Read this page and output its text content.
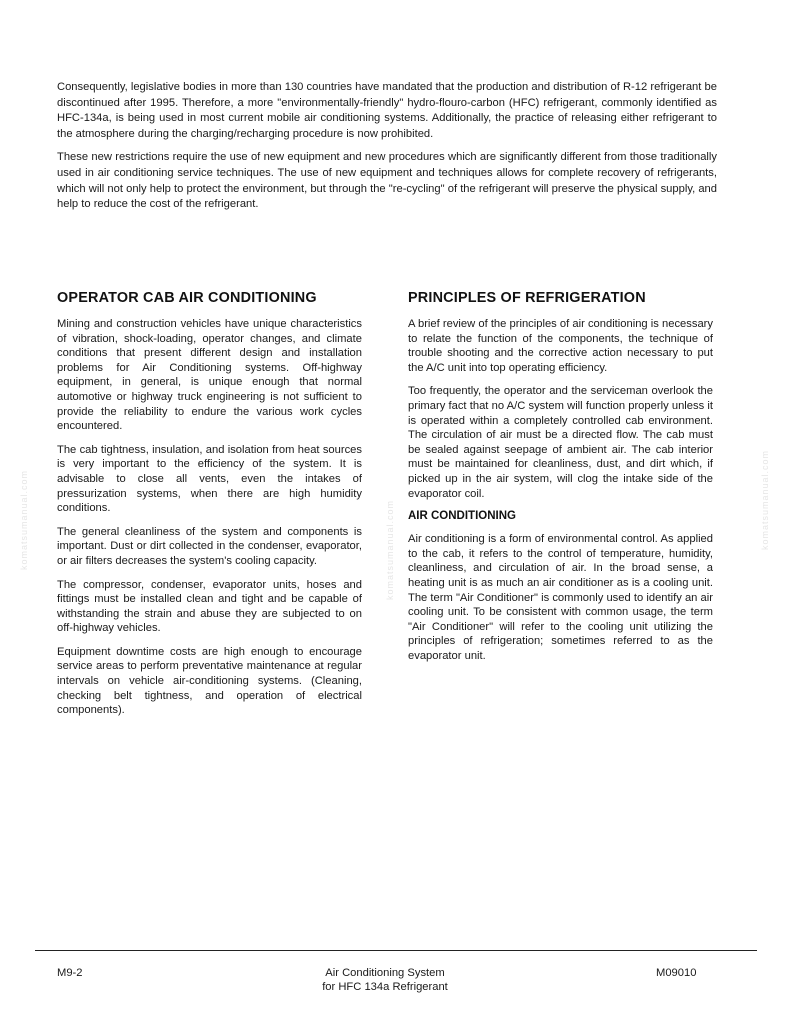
Consequently, legislative bodies in more than 130 countries have mandated that the production and distribution of R-12 refrigerant be discontinued after 1995. Therefore, a more "environmentally-friendly" hydro-flouro-carbon (HFC) refrigerant, commonly identified as HFC-134a, is being used in most current mobile air conditioning systems. Additionally, the practice of releasing either refrigerant to the atmosphere during the charging/recharging procedure is now prohibited.

These new restrictions require the use of new equipment and new procedures which are significantly different from those traditionally used in air conditioning service techniques. The use of new equipment and techniques allows for complete recovery of refrigerants, which will not only help to protect the environment, but through the "re-cycling" of the refrigerant will preserve the physical supply, and help to reduce the cost of the refrigerant.

OPERATOR CAB AIR CONDITIONING

Mining and construction vehicles have unique characteristics of vibration, shock-loading, operator changes, and climate conditions that present different design and installation problems for Air Conditioning systems. Off-highway equipment, in general, is unique enough that normal automotive or highway truck engineering is not sufficient to provide the reliability to endure the various work cycles encountered.

The cab tightness, insulation, and isolation from heat sources is very important to the efficiency of the system. It is advisable to close all vents, even the intakes of pressurization systems, when there are high humidity conditions.

The general cleanliness of the system and components is important. Dust or dirt collected in the condenser, evaporator, or air filters decreases the system's cooling capacity.

The compressor, condenser, evaporator units, hoses and fittings must be installed clean and tight and be capable of withstanding the strain and abuse they are subjected to on off-highway vehicles.

Equipment downtime costs are high enough to encourage service areas to perform preventative maintenance at regular intervals on vehicle air-conditioning systems. (Cleaning, checking belt tightness, and operation of electrical components).

PRINCIPLES OF REFRIGERATION

A brief review of the principles of air conditioning is necessary to relate the function of the components, the technique of trouble shooting and the corrective action necessary to put the A/C unit into top operating efficiency.

Too frequently, the operator and the serviceman overlook the primary fact that no A/C system will function properly unless it is operated within a completely controlled cab environment. The circulation of air must be a directed flow. The cab must be sealed against seepage of ambient air. The cab interior must be maintained for cleanliness, dust, and dirt which, if picked up in the air system, will clog the intake side of the evaporator coil.

AIR CONDITIONING

Air conditioning is a form of environmental control. As applied to the cab, it refers to the control of temperature, humidity, cleanliness, and circulation of air. In the broad sense, a heating unit is as much an air conditioner as is a cooling unit. The term "Air Conditioner" is commonly used to identify an air cooling unit. To be consistent with common usage, the term "Air Conditioner" will refer to the cooling unit utilizing the principles of refrigeration; sometimes referred to as the evaporator unit.

komatsumanual.com	komatsumanual.com	komatsumanual.com
M9-2	Air Conditioning System
for HFC 134a Refrigerant
M09010
